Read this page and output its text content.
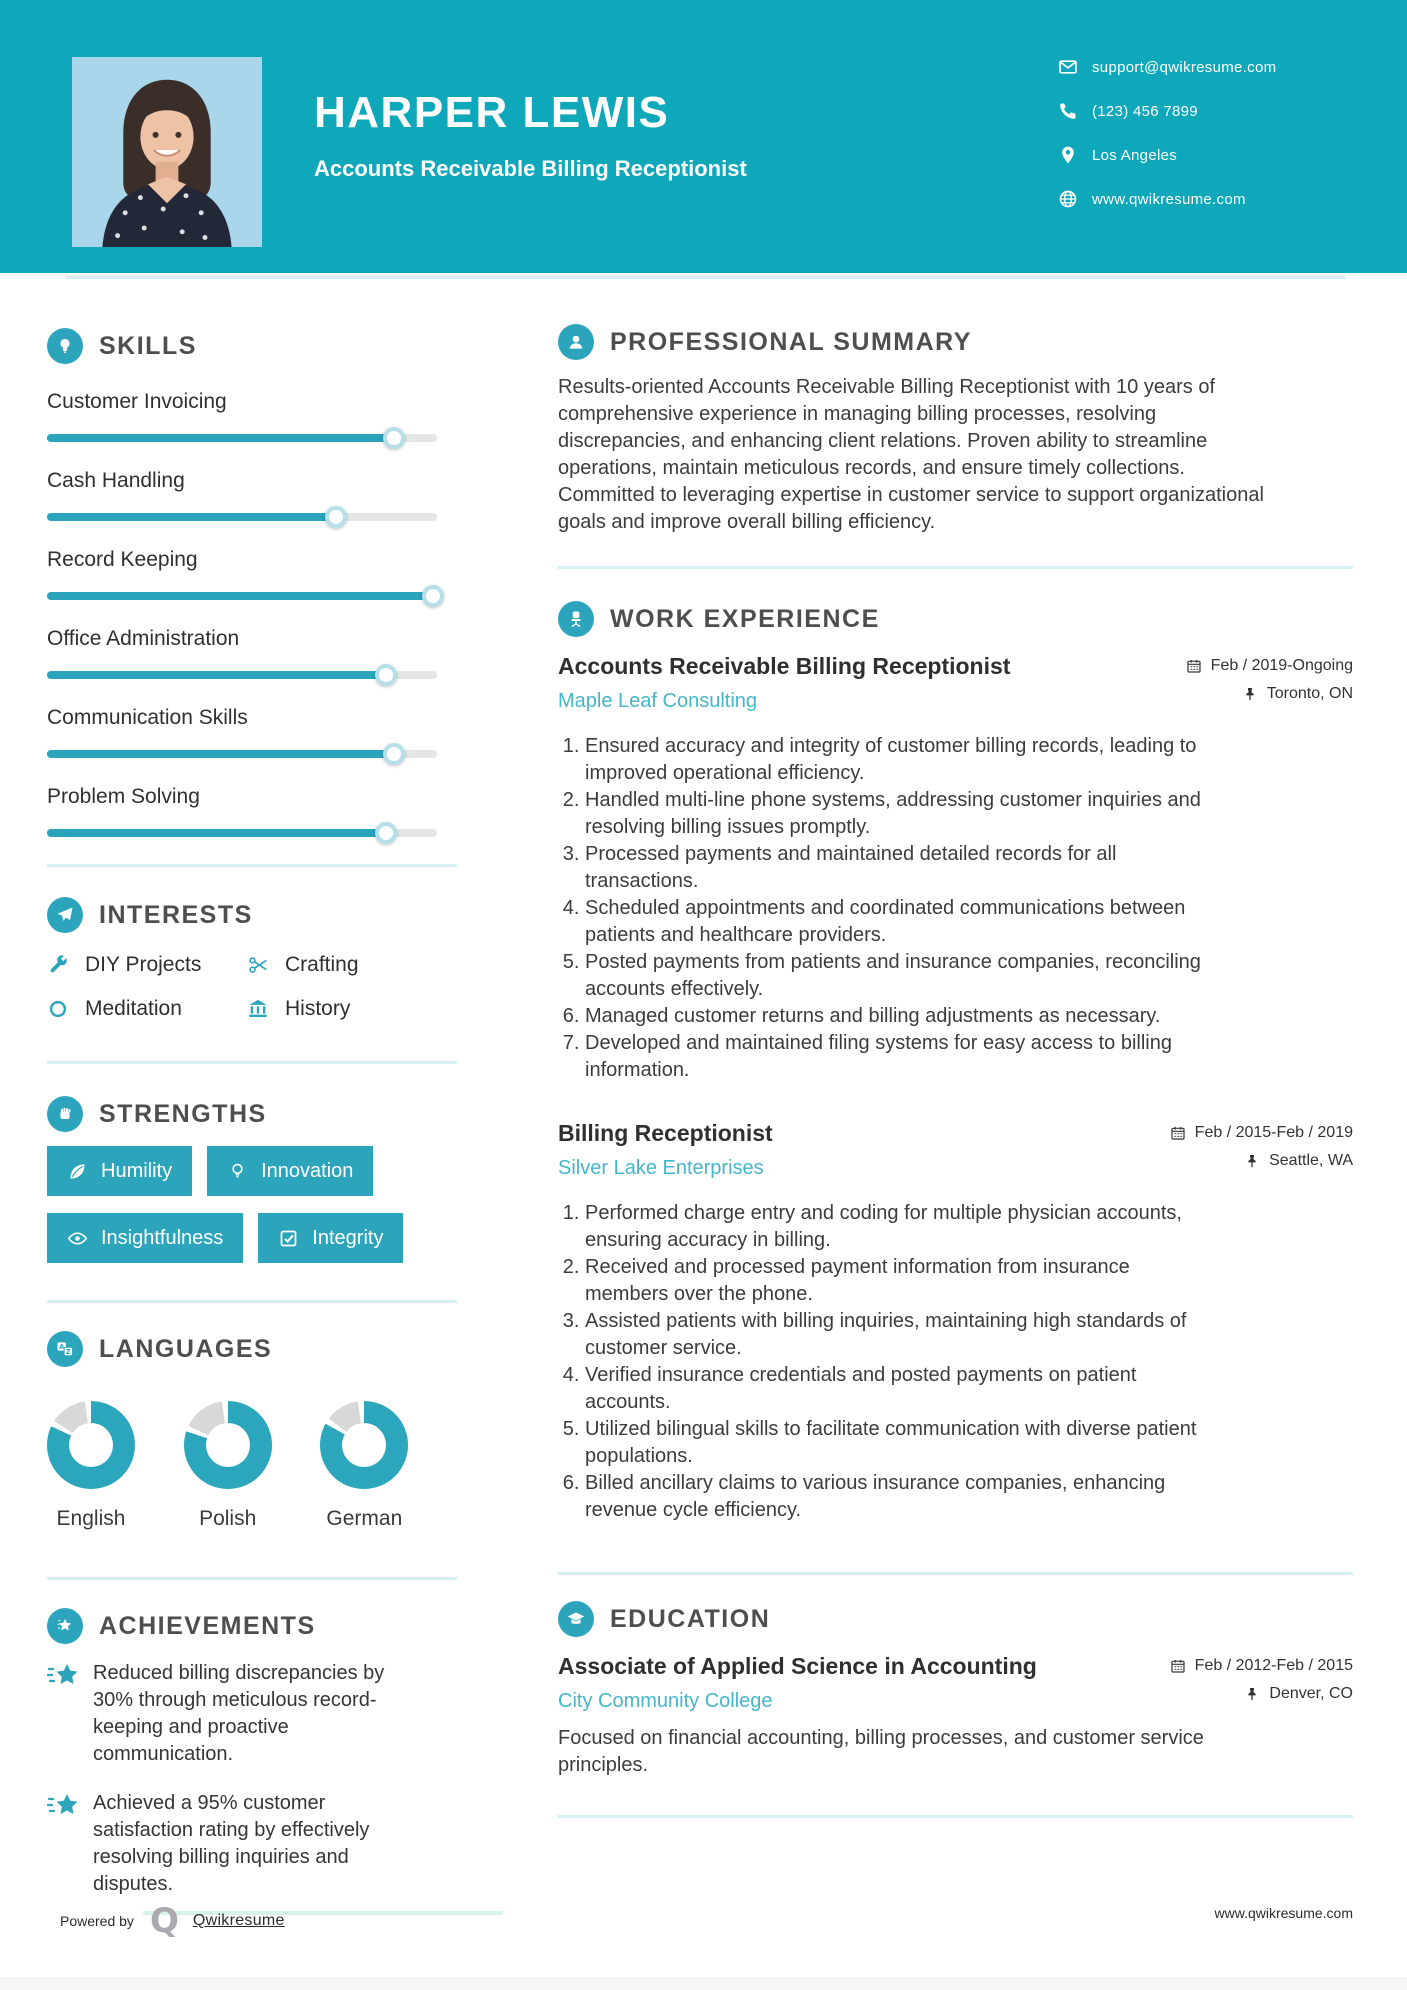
HARPER LEWIS
Accounts Receivable Billing Receptionist
support@qwikresume.com
(123) 456 7899
Los Angeles
www.qwikresume.com
SKILLS
Customer Invoicing
Cash Handling
Record Keeping
Office Administration
Communication Skills
Problem Solving
INTERESTS
DIY Projects	Crafting
Meditation	History
STRENGTHS
Humility	Innovation
Insightfulness	Integrity
A
Z LANGUAGES
English	Polish	German
ACHIEVEMENTS
Reduced billing discrepancies by 30% through meticulous record-keeping and proactive communication.
Achieved a 95% customer satisfaction rating by effectively resolving billing inquiries and disputes.
PROFESSIONAL SUMMARY

Results-oriented Accounts Receivable Billing Receptionist with 10 years of comprehensive experience in managing billing processes, resolving discrepancies, and enhancing client relations. Proven ability to streamline operations, maintain meticulous records, and ensure timely collections. Committed to leveraging expertise in customer service to support organizational goals and improve overall billing efficiency.

WORK EXPERIENCE
Accounts Receivable Billing Receptionist
Maple Leaf Consulting
Feb / 2019-Ongoing
Toronto, ON
1. Ensured accuracy and integrity of customer billing records, leading to improved operational efficiency.
2. Handled multi-line phone systems, addressing customer inquiries and resolving billing issues promptly.
3. Processed payments and maintained detailed records for all transactions.
4. Scheduled appointments and coordinated communications between patients and healthcare providers.
5. Posted payments from patients and insurance companies, reconciling accounts effectively.
6. Managed customer returns and billing adjustments as necessary.
7. Developed and maintained filing systems for easy access to billing information.
Billing Receptionist
Silver Lake Enterprises
Feb / 2015-Feb / 2019
Seattle, WA
1. Performed charge entry and coding for multiple physician accounts, ensuring accuracy in billing.
2. Received and processed payment information from insurance members over the phone.
3. Assisted patients with billing inquiries, maintaining high standards of customer service.
4. Verified insurance credentials and posted payments on patient accounts.
5. Utilized bilingual skills to facilitate communication with diverse patient populations.
6. Billed ancillary claims to various insurance companies, enhancing revenue cycle efficiency.
EDUCATION
Associate of Applied Science in Accounting
City Community College
Feb / 2012-Feb / 2015
Denver, CO

Focused on financial accounting, billing processes, and customer service principles.

Powered by Q Qwikresume	www.qwikresume.com
